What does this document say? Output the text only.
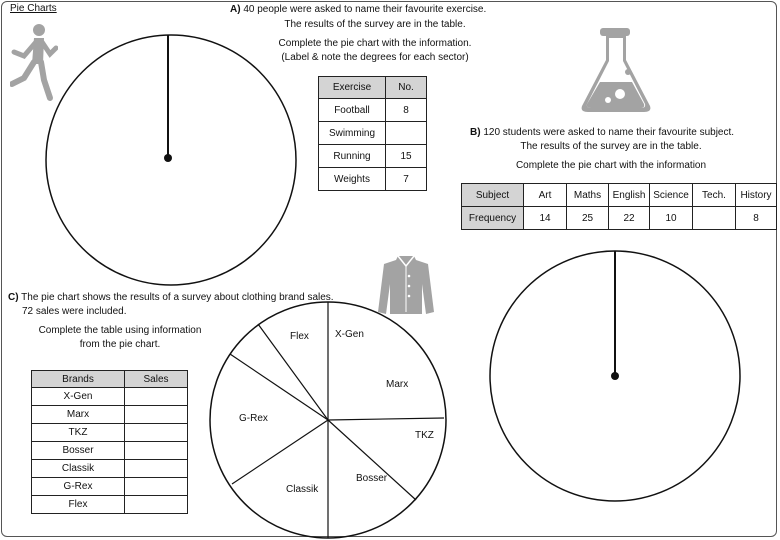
Pie Charts	A) 40 people were asked to name their favourite exercise.
The results of the survey are in the table.
Complete the pie chart with the information.
(Label & note the degrees for each sector)
Exercise	No.
Football	8
Swimming	
Running	15
Weights	7
B) 120 students were asked to name their favourite subject.
The results of the survey are in the table.
Complete the pie chart with the information
Subject	Art	Maths	English	Science	Tech.	History
Frequency	14	25	22	10		8
C) The pie chart shows the results of a survey about clothing brand sales.
72 sales were included.
Complete the table using information
from the pie chart.
Brands	Sales
X-Gen	
Marx	
TKZ	
Bosser	
Classik	
G-Rex	
Flex	
Flex	X-Gen
Marx
TKZ
Bosser
Classik
G-Rex
